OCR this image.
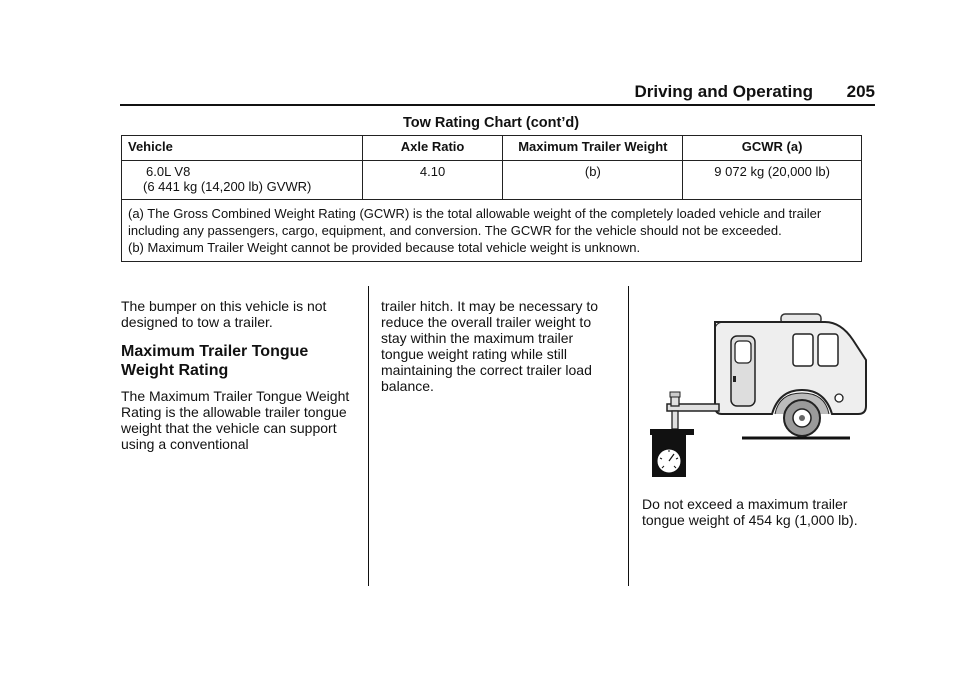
Driving and Operating 205
Tow Rating Chart (cont’d)
Vehicle	Axle Ratio	Maximum Trailer Weight	GCWR (a)

6.0L V8
(6 441 kg (14,200 lb) GVWR)	4.10	(b)	9 072 kg (20,000 lb)
(a) The Gross Combined Weight Rating (GCWR) is the total allowable weight of the completely loaded vehicle and trailer including any passengers, cargo, equipment, and conversion. The GCWR for the vehicle should not be exceeded.
(b) Maximum Trailer Weight cannot be provided because total vehicle weight is unknown.			

The bumper on this vehicle is not designed to tow a trailer.

Maximum Trailer Tongue Weight Rating

The Maximum Trailer Tongue Weight Rating is the allowable trailer tongue weight that the vehicle can support using a conventional

trailer hitch. It may be necessary to reduce the overall trailer weight to stay within the maximum trailer tongue weight rating while still maintaining the correct trailer load balance.

Do not exceed a maximum trailer tongue weight of 454 kg (1,000 lb).
